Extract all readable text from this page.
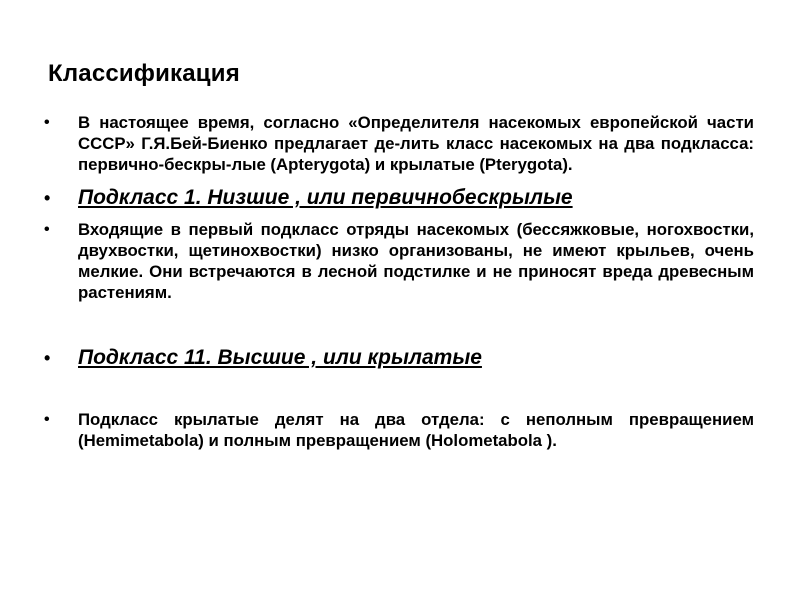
Классификация
• В настоящее время, согласно «Определителя насекомых европейской части СССР» Г.Я.Бей-Биенко предлагает де-лить класс насекомых на два подкласса: первично-бескры-лые (Apterygota) и крылатые (Pterygota).
• Подкласс 1. Низшие , или первичнобескрылые
• Входящие в первый подкласс отряды насекомых (бессяжковые, ногохвостки, двухвостки, щетинохвостки) низко организованы, не имеют крыльев, очень мелкие. Они встречаются в лесной подстилке и не приносят вреда древесным растениям.
• Подкласс 11. Высшие , или крылатые
• Подкласс крылатые делят на два отдела: с неполным превращением (Hemimetabola) и полным превращением (Holometabola ).
